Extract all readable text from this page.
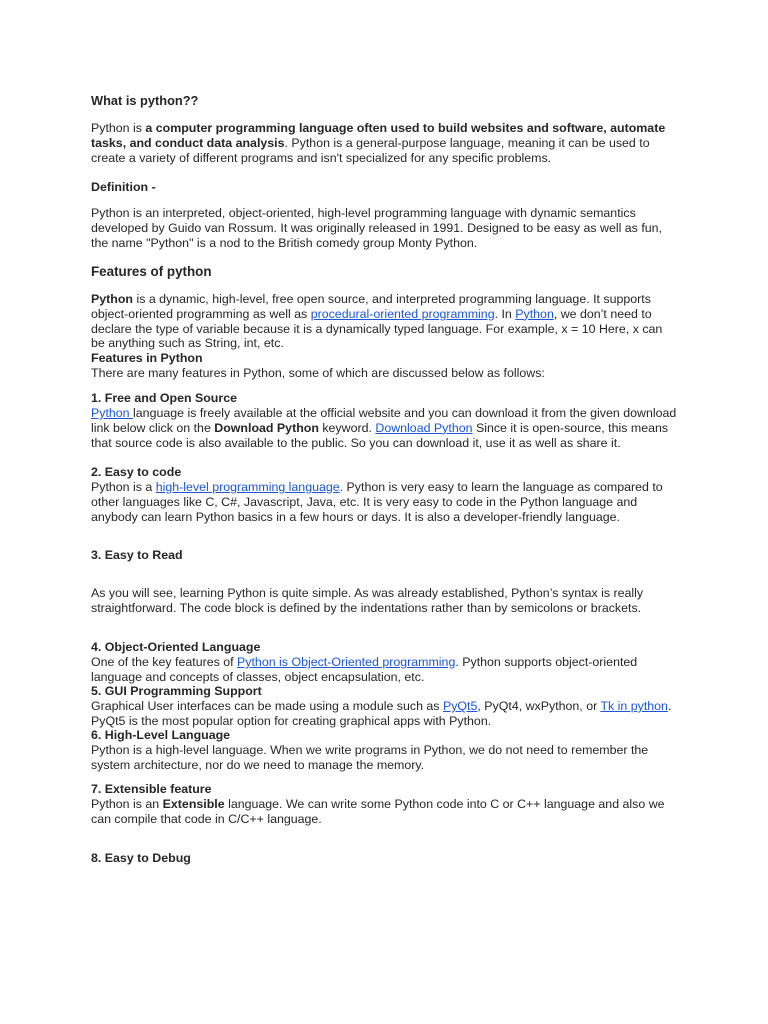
What is python??

Python is a computer programming language often used to build websites and software, automate tasks, and conduct data analysis. Python is a general-purpose language, meaning it can be used to create a variety of different programs and isn't specialized for any specific problems.

Definition -

Python is an interpreted, object-oriented, high-level programming language with dynamic semantics developed by Guido van Rossum. It was originally released in 1991. Designed to be easy as well as fun, the name "Python" is a nod to the British comedy group Monty Python.

Features of python

Python is a dynamic, high-level, free open source, and interpreted programming language. It supports object-oriented programming as well as procedural-oriented programming. In Python, we don’t need to declare the type of variable because it is a dynamically typed language. For example, x = 10 Here, x can be anything such as String, int, etc.

Features in Python

There are many features in Python, some of which are discussed below as follows:

1. Free and Open Source

Python language is freely available at the official website and you can download it from the given download link below click on the Download Python keyword. Download Python Since it is open-source, this means that source code is also available to the public. So you can download it, use it as well as share it.

2. Easy to code

Python is a high-level programming language. Python is very easy to learn the language as compared to other languages like C, C#, Javascript, Java, etc. It is very easy to code in the Python language and anybody can learn Python basics in a few hours or days. It is also a developer-friendly language.

3. Easy to Read

As you will see, learning Python is quite simple. As was already established, Python’s syntax is really straightforward. The code block is defined by the indentations rather than by semicolons or brackets.

4. Object-Oriented Language

One of the key features of Python is Object-Oriented programming. Python supports object-oriented language and concepts of classes, object encapsulation, etc.

5. GUI Programming Support

Graphical User interfaces can be made using a module such as PyQt5, PyQt4, wxPython, or Tk in python. PyQt5 is the most popular option for creating graphical apps with Python.

6. High-Level Language

Python is a high-level language. When we write programs in Python, we do not need to remember the system architecture, nor do we need to manage the memory.

7. Extensible feature

Python is an Extensible language. We can write some Python code into C or C++ language and also we can compile that code in C/C++ language.

8. Easy to Debug
